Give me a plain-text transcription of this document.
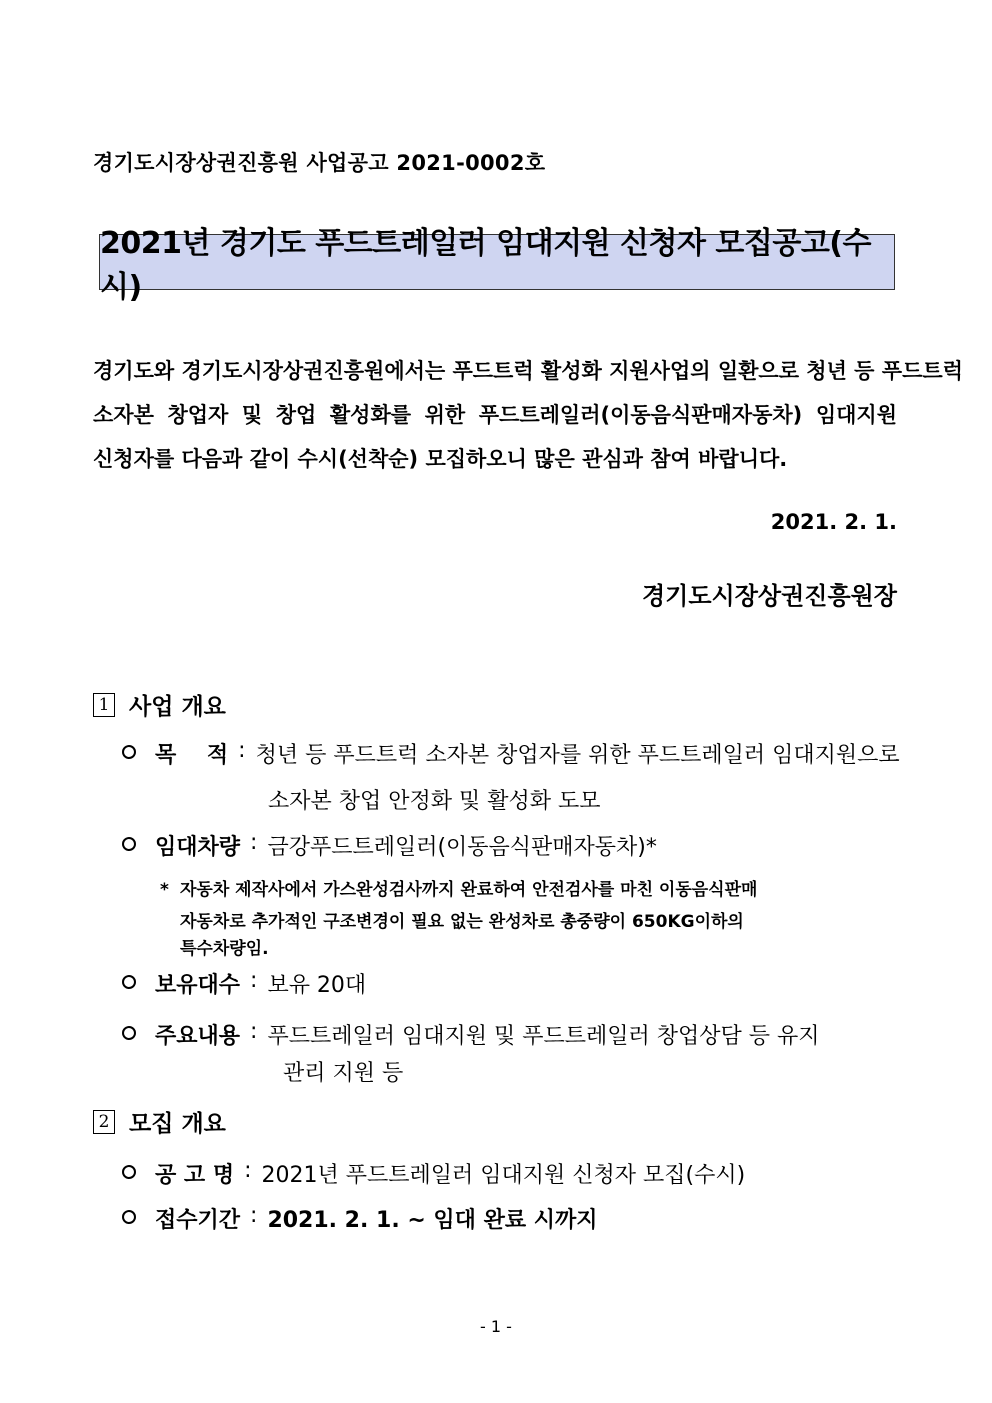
경기도시장상권진흥원 사업공고 2021-0002호
2021년 경기도 푸드트레일러 임대지원 신청자 모집공고(수시)
경기도와 경기도시장상권진흥원에서는 푸드트럭 활성화 지원사업의 일환으로 청년 등 푸드트럭
소자본 창업자 및 창업 활성화를 위한 푸드트레일러(이동음식판매자동차) 임대지원
신청자를 다음과 같이 수시(선착순) 모집하오니 많은 관심과 참여 바랍니다.
2021. 2. 1.
경기도시장상권진흥원장
1 사업 개요
목    적 : 청년 등 푸드트럭 소자본 창업자를 위한 푸드트레일러 임대지원으로
소자본 창업 안정화 및 활성화 도모
임대차량 : 금강푸드트레일러(이동음식판매자동차)*
* 자동차 제작사에서 가스완성검사까지 완료하여 안전검사를 마친 이동음식판매
자동차로 추가적인 구조변경이 필요 없는 완성차로 총중량이 650KG이하의
특수차량임.
보유대수 : 보유 20대
주요내용 : 푸드트레일러 임대지원 및 푸드트레일러 창업상담 등 유지
관리 지원 등
2 모집 개요
공 고 명 : 2021년 푸드트레일러 임대지원 신청자 모집(수시)
접수기간 : 2021. 2. 1. ~ 임대 완료 시까지
- 1 -
